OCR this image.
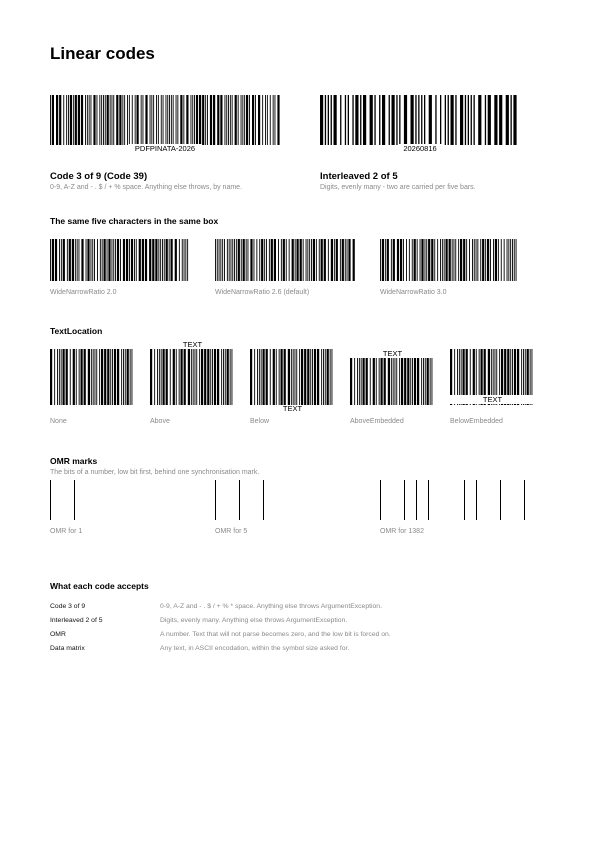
Linear codes
PDFPINATA-2026
Code 3 of 9 (Code 39)
0-9, A-Z and - . $ / + % space. Anything else throws, by name.
20260816
Interleaved 2 of 5
Digits, evenly many - two are carried per five bars.
The same five characters in the same box
WideNarrowRatio 2.0	WideNarrowRatio 2.6 (default)	WideNarrowRatio 3.0
TextLocation
None
TEXT
Above
TEXT
Below
TEXT
AboveEmbedded
TEXT
BelowEmbedded
OMR marks
The bits of a number, low bit first, behind one synchronisation mark.
OMR for 1	OMR for 5	OMR for 1382
What each code accepts
Code 3 of 9	0-9, A-Z and - . $ / + % * space. Anything else throws ArgumentException.
Interleaved 2 of 5	Digits, evenly many. Anything else throws ArgumentException.
OMR	A number. Text that will not parse becomes zero, and the low bit is forced on.
Data matrix	Any text, in ASCII encodation, within the symbol size asked for.
